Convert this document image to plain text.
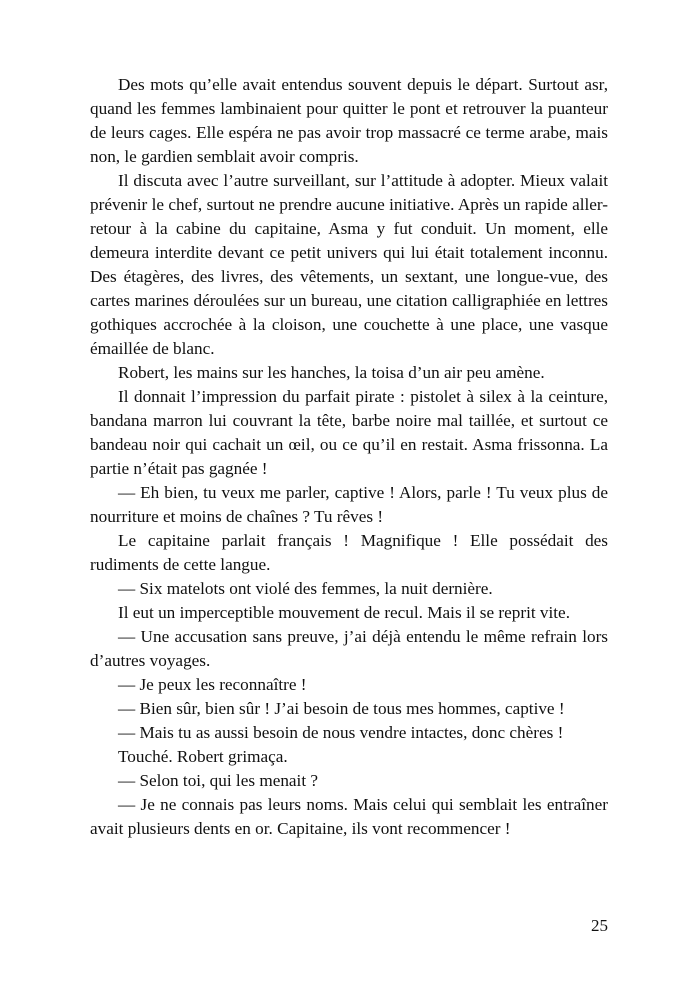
Des mots qu’elle avait entendus souvent depuis le départ. Surtout asr, quand les femmes lambinaient pour quitter le pont et retrouver la puanteur de leurs cages. Elle espéra ne pas avoir trop massacré ce terme arabe, mais non, le gardien semblait avoir compris.

Il discuta avec l’autre surveillant, sur l’attitude à adopter. Mieux valait prévenir le chef, surtout ne prendre aucune initiative. Après un rapide aller-retour à la cabine du capitaine, Asma y fut conduit. Un moment, elle demeura interdite devant ce petit univers qui lui était totalement inconnu. Des étagères, des livres, des vêtements, un sextant, une longue-vue, des cartes marines déroulées sur un bureau, une citation calligraphiée en lettres gothiques accrochée à la cloison, une couchette à une place, une vasque émaillée de blanc.

Robert, les mains sur les hanches, la toisa d’un air peu amène.

Il donnait l’impression du parfait pirate : pistolet à silex à la ceinture, bandana marron lui couvrant la tête, barbe noire mal taillée, et surtout ce bandeau noir qui cachait un œil, ou ce qu’il en restait. Asma frissonna. La partie n’était pas gagnée !

— Eh bien, tu veux me parler, captive ! Alors, parle ! Tu veux plus de nourriture et moins de chaînes ? Tu rêves !

Le capitaine parlait français ! Magnifique ! Elle possédait des rudiments de cette langue.

— Six matelots ont violé des femmes, la nuit dernière.

Il eut un imperceptible mouvement de recul. Mais il se reprit vite.

— Une accusation sans preuve, j’ai déjà entendu le même refrain lors d’autres voyages.

— Je peux les reconnaître !

— Bien sûr, bien sûr ! J’ai besoin de tous mes hommes, captive !

— Mais tu as aussi besoin de nous vendre intactes, donc chères !

Touché. Robert grimaça.

— Selon toi, qui les menait ?

— Je ne connais pas leurs noms. Mais celui qui semblait les entraîner avait plusieurs dents en or. Capitaine, ils vont recommencer !

25
